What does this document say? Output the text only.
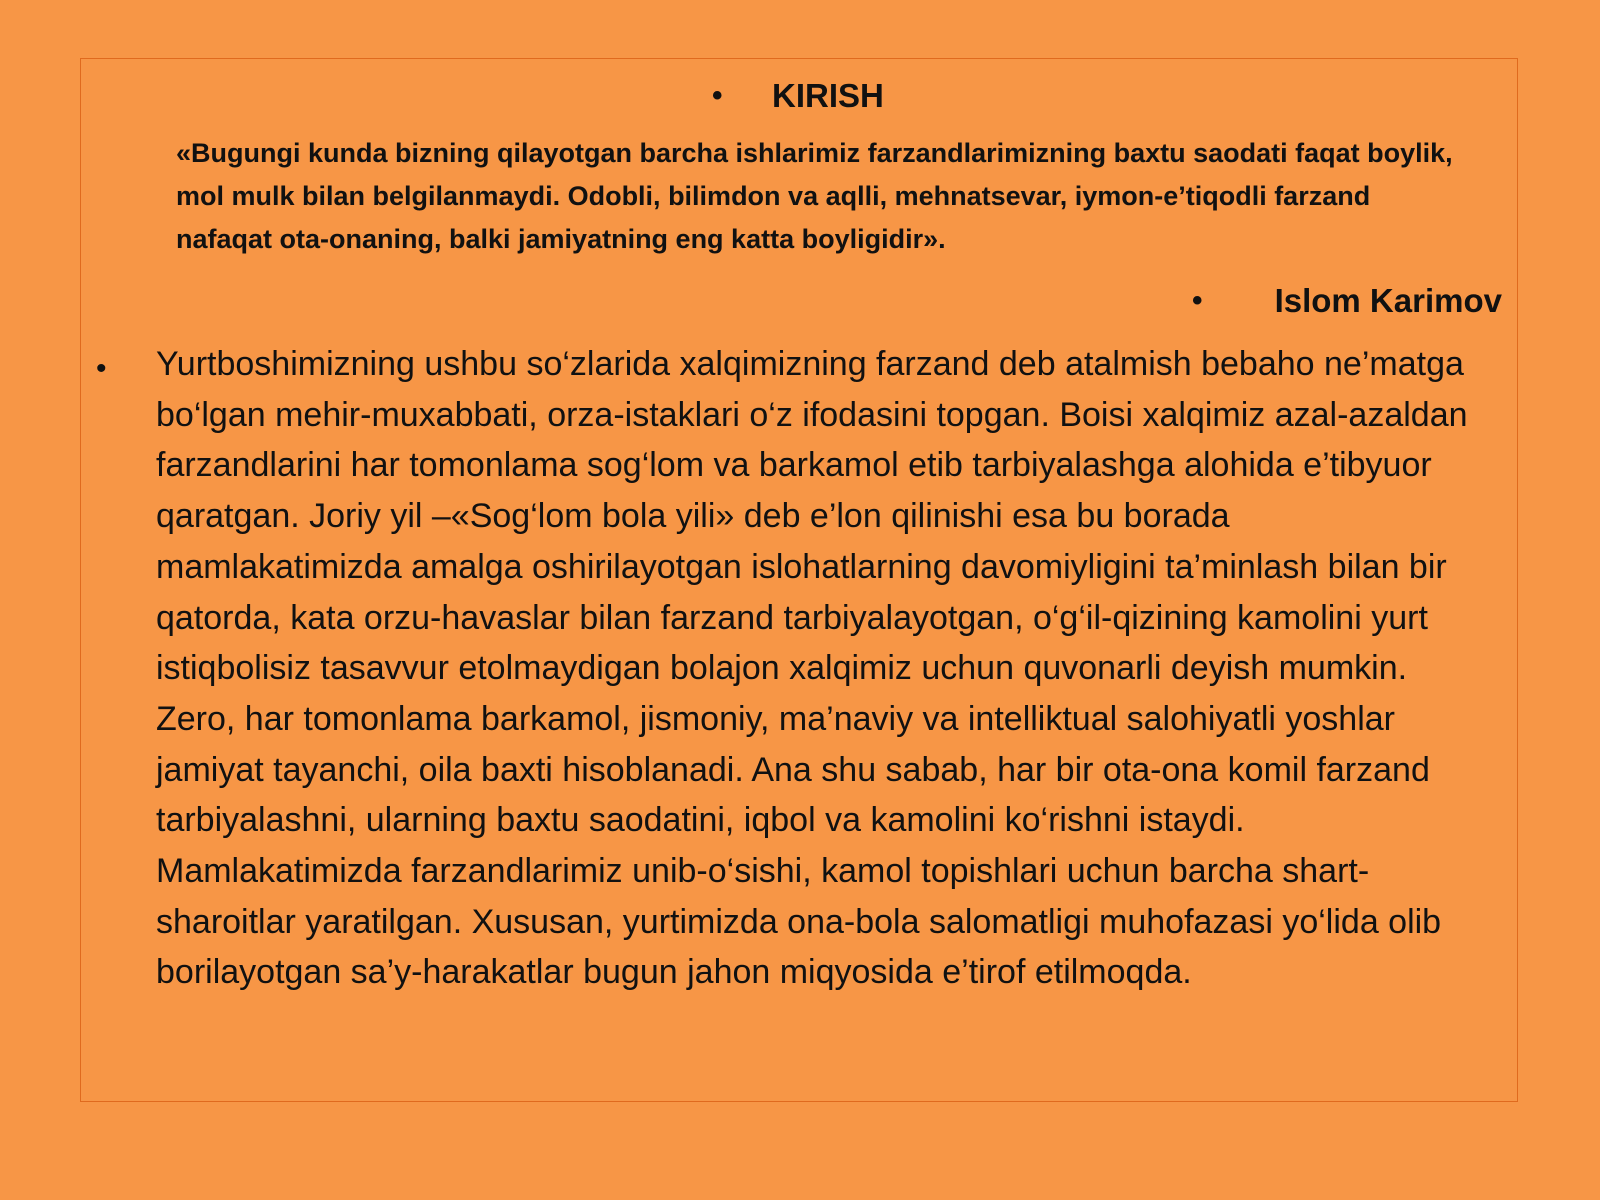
• KIRISH

«Bugungi kunda bizning qilayotgan barcha ishlarimiz farzandlarimizning baxtu saodati faqat boylik, mol mulk bilan belgilanmaydi. Odobli, bilimdon va aqlli, mehnatsevar, iymon-e’tiqodli farzand nafaqat ota-onaning, balki jamiyatning eng katta boyligidir».

• Islom Karimov
• Yurtboshimizning ushbu so‘zlarida xalqimizning farzand deb atalmish bebaho ne’matga bo‘lgan mehir-muxabbati, orza-istaklari o‘z ifodasini topgan. Boisi xalqimiz azal-azaldan farzandlarini har tomonlama sog‘lom va barkamol etib tarbiyalashga alohida e’tibyuor qaratgan. Joriy yil –«Sog‘lom bola yili» deb e’lon qilinishi esa bu borada mamlakatimizda amalga oshirilayotgan islohatlarning davomiyligini ta’minlash bilan bir qatorda, kata orzu-havaslar bilan farzand tarbiyalayotgan, o‘g‘il-qizining kamolini yurt istiqbolisiz tasavvur etolmaydigan bolajon xalqimiz uchun quvonarli deyish mumkin. Zero, har tomonlama barkamol, jismoniy, ma’naviy va intelliktual salohiyatli yoshlar jamiyat tayanchi, oila baxti hisoblanadi. Ana shu sabab, har bir ota-ona komil farzand tarbiyalashni, ularning baxtu saodatini, iqbol va kamolini ko‘rishni istaydi. Mamlakatimizda farzandlarimiz unib-o‘sishi, kamol topishlari uchun barcha shart-sharoitlar yaratilgan. Xususan, yurtimizda ona-bola salomatligi muhofazasi yo‘lida olib borilayotgan sa’y-harakatlar bugun jahon miqyosida e’tirof etilmoqda.
